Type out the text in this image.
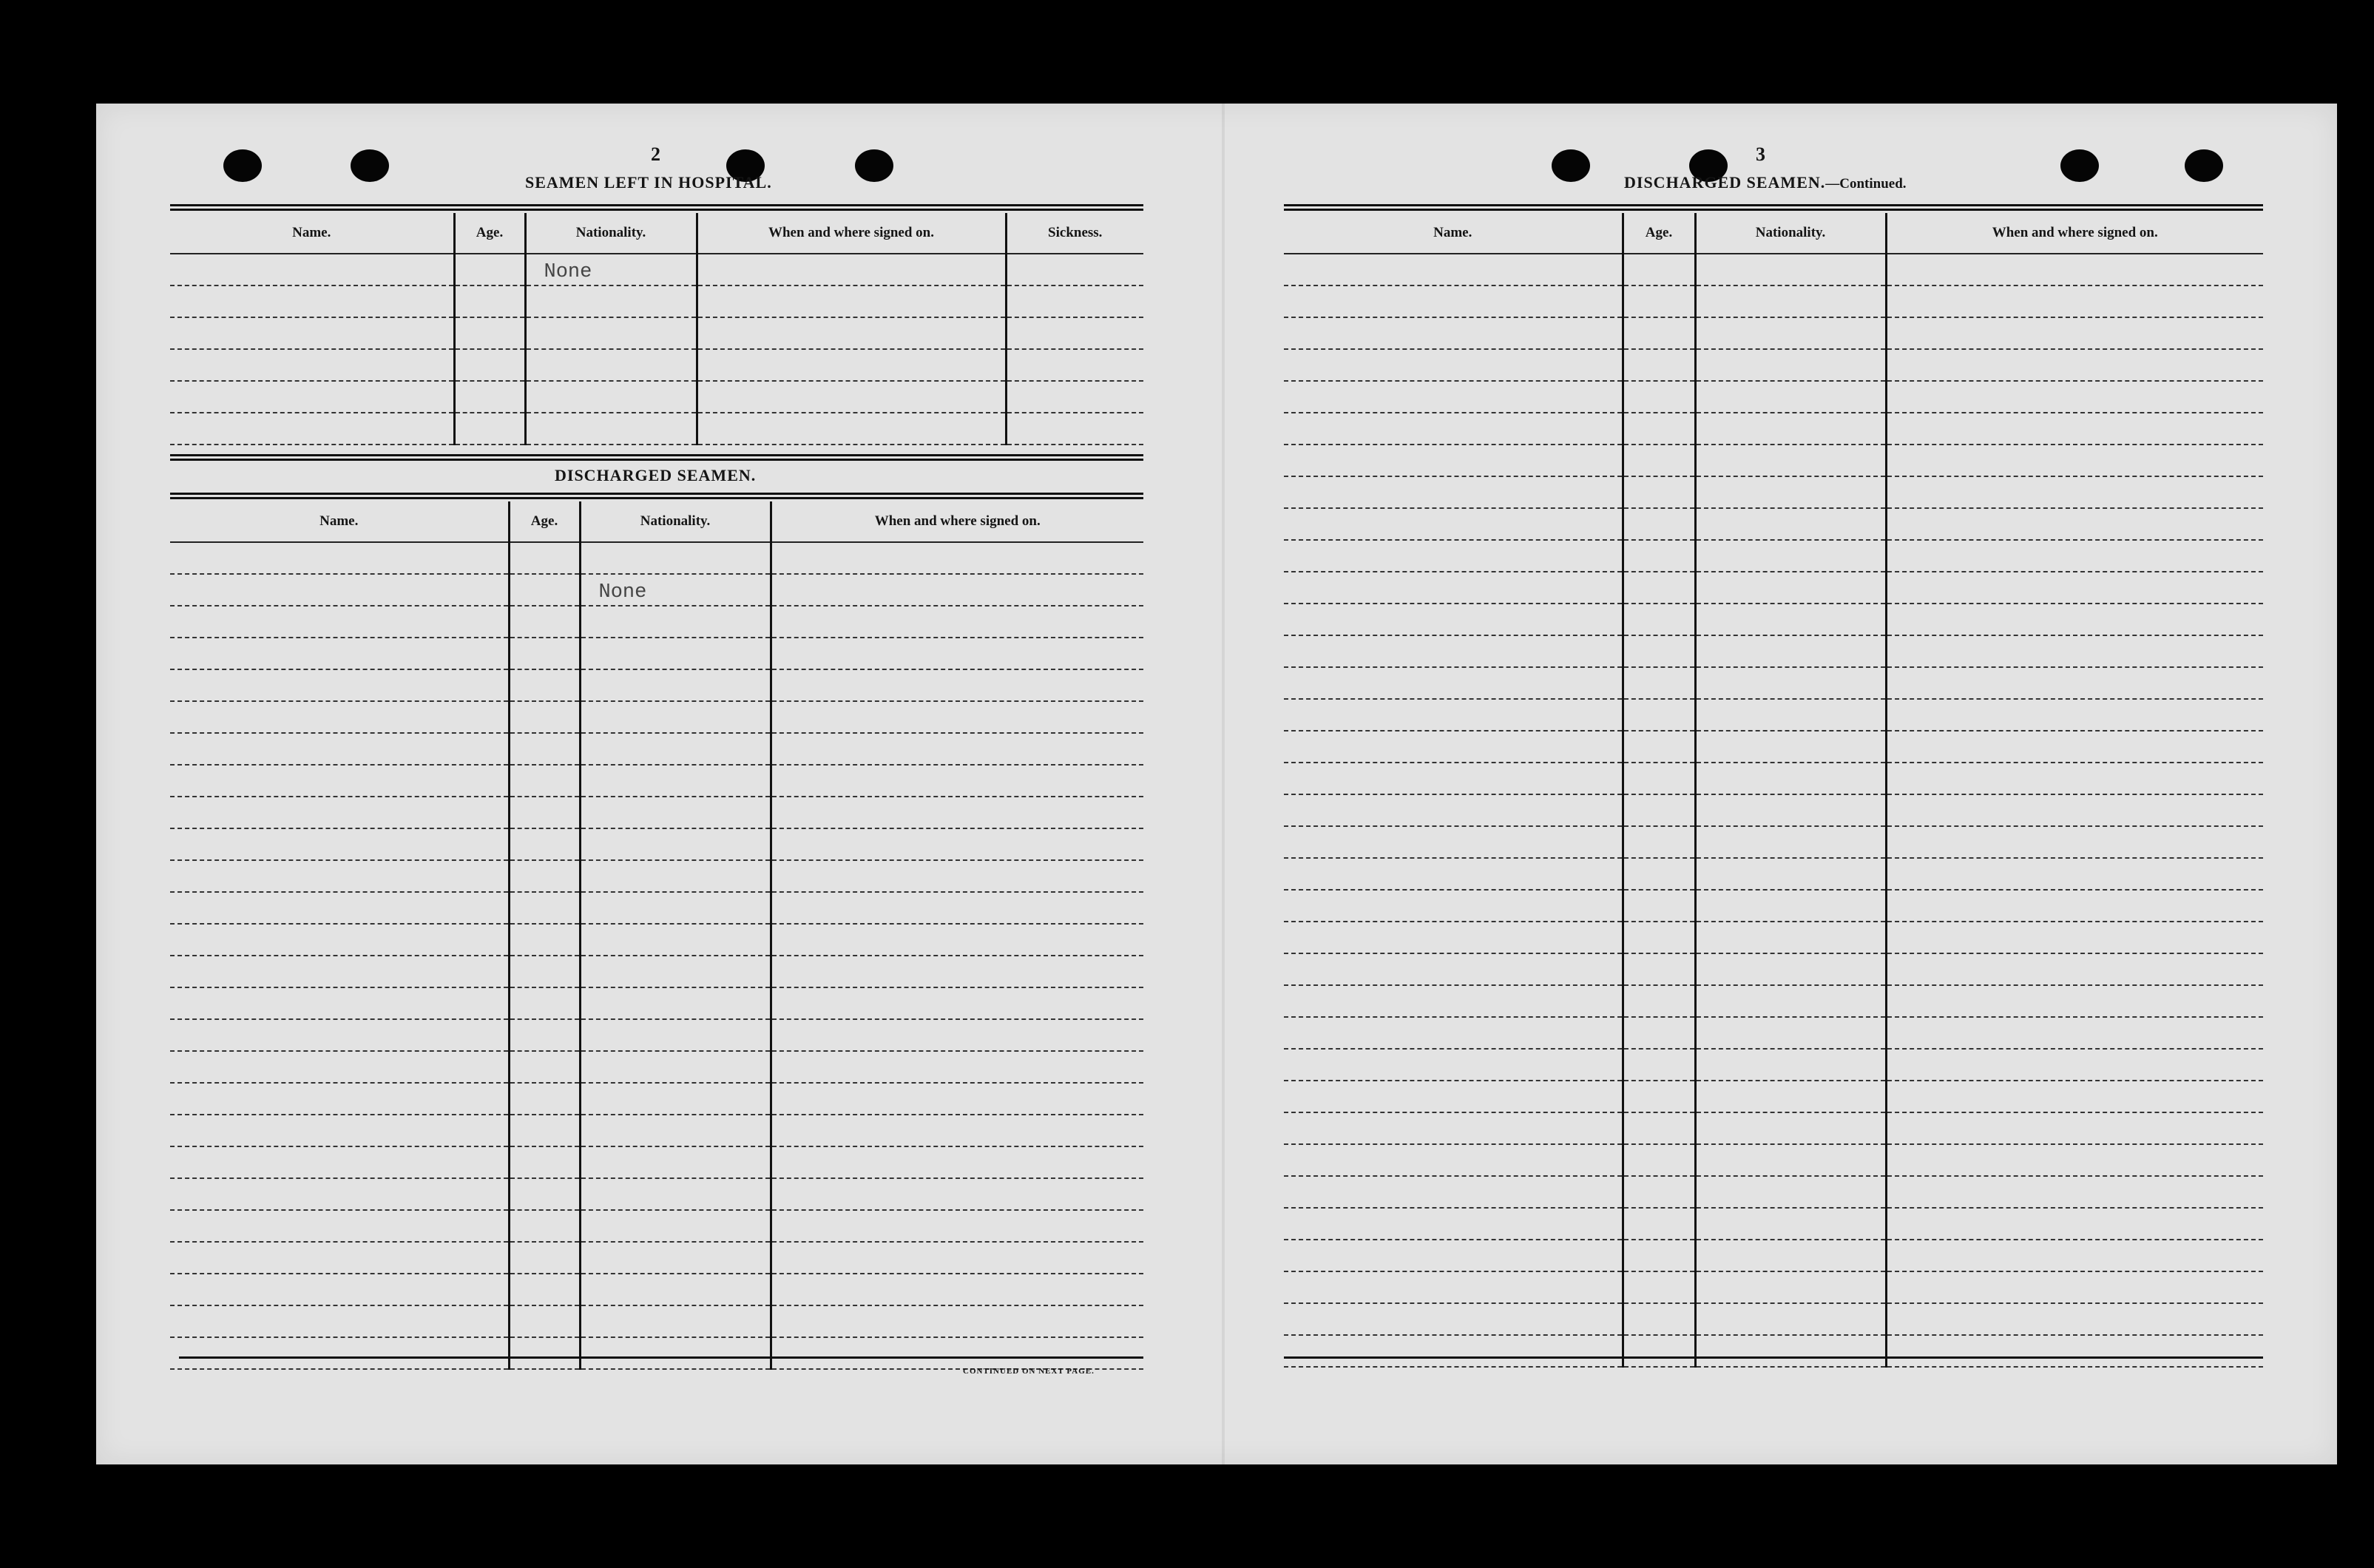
2
SEAMEN LEFT IN HOSPITAL.
Name.	Age.	Nationality.	When and where signed on.	Sickness.
		None		

DISCHARGED SEAMEN.
Name.	Age.	Nationality.	When and where signed on.

		None	

CONTINUED ON NEXT PAGE.
3
DISCHARGED SEAMEN.—Continued.
Name.	Age.	Nationality.	When and where signed on.
